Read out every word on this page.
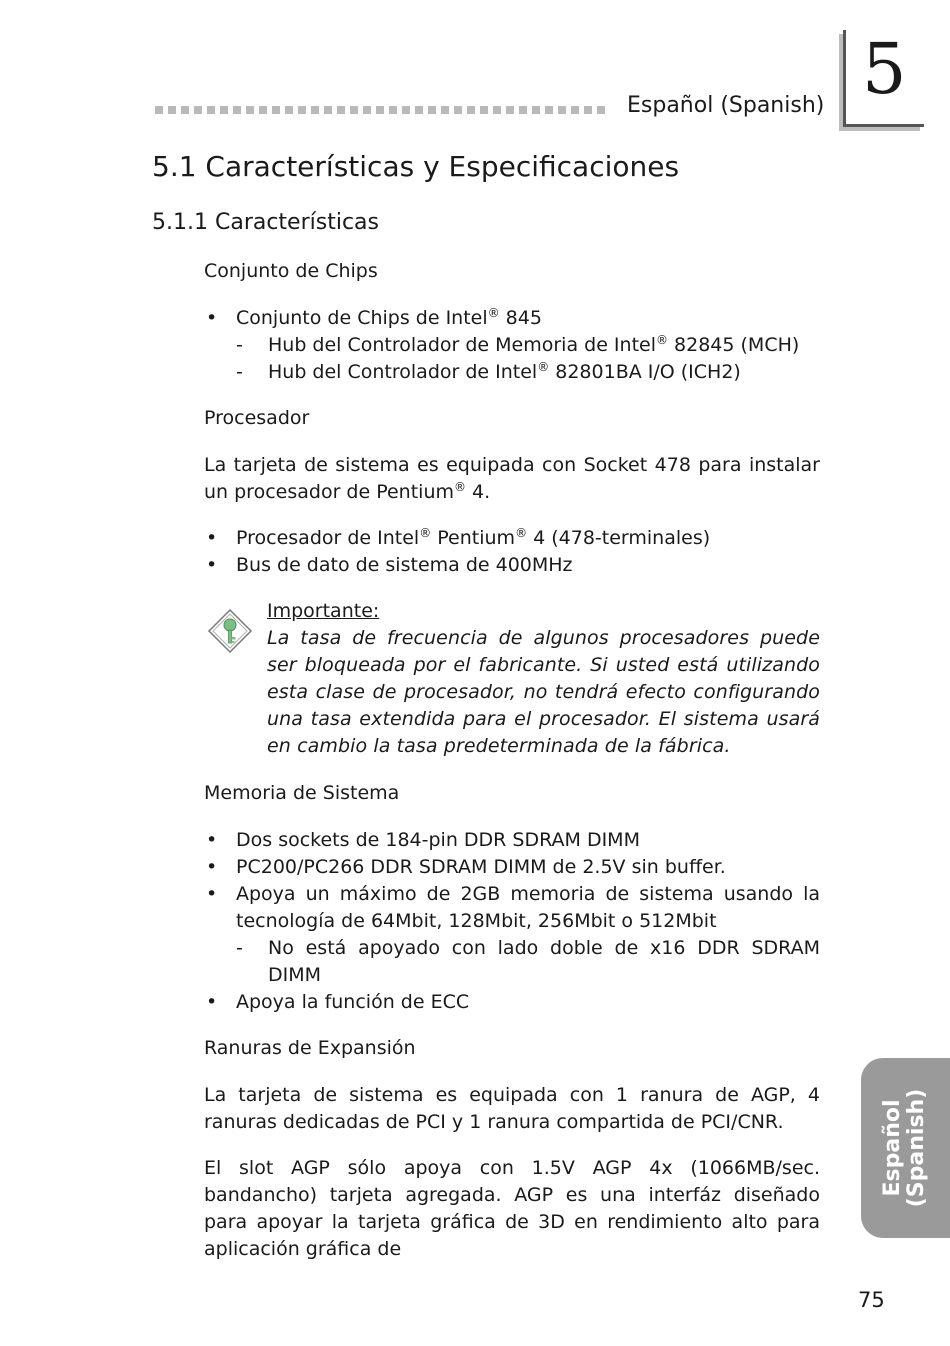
Español (Spanish) 5
5.1 Características y Especificaciones
5.1.1 Características
Conjunto de Chips
• Conjunto de Chips de Intel® 845
- Hub del Controlador de Memoria de Intel® 82845 (MCH)
- Hub del Controlador de Intel® 82801BA I/O (ICH2)
Procesador

La tarjeta de sistema es equipada con Socket 478 para instalar un procesador de Pentium® 4.

• Procesador de Intel® Pentium® 4 (478-terminales)
• Bus de dato de sistema de 400MHz
Importante:
La tasa de frecuencia de algunos procesadores puede ser bloqueada por el fabricante. Si usted está utilizando esta clase de procesador, no tendrá efecto configurando una tasa extendida para el procesador. El sistema usará en cambio la tasa predeterminada de la fábrica.
Memoria de Sistema
• Dos sockets de 184-pin DDR SDRAM DIMM
• PC200/PC266 DDR SDRAM DIMM de 2.5V sin buffer.
• Apoya un máximo de 2GB memoria de sistema usando la tecnología de 64Mbit, 128Mbit, 256Mbit o 512Mbit
- No está apoyado con lado doble de x16 DDR SDRAM DIMM
• Apoya la función de ECC
Ranuras de Expansión

La tarjeta de sistema es equipada con 1 ranura de AGP, 4 ranuras dedicadas de PCI y 1 ranura compartida de PCI/CNR.

El slot AGP sólo apoya con 1.5V AGP 4x (1066MB/sec. bandancho) tarjeta agregada. AGP es una interfáz diseñado para apoyar la tarjeta gráfica de 3D en rendimiento alto para aplicación gráfica de

Español (Spanish)
75
